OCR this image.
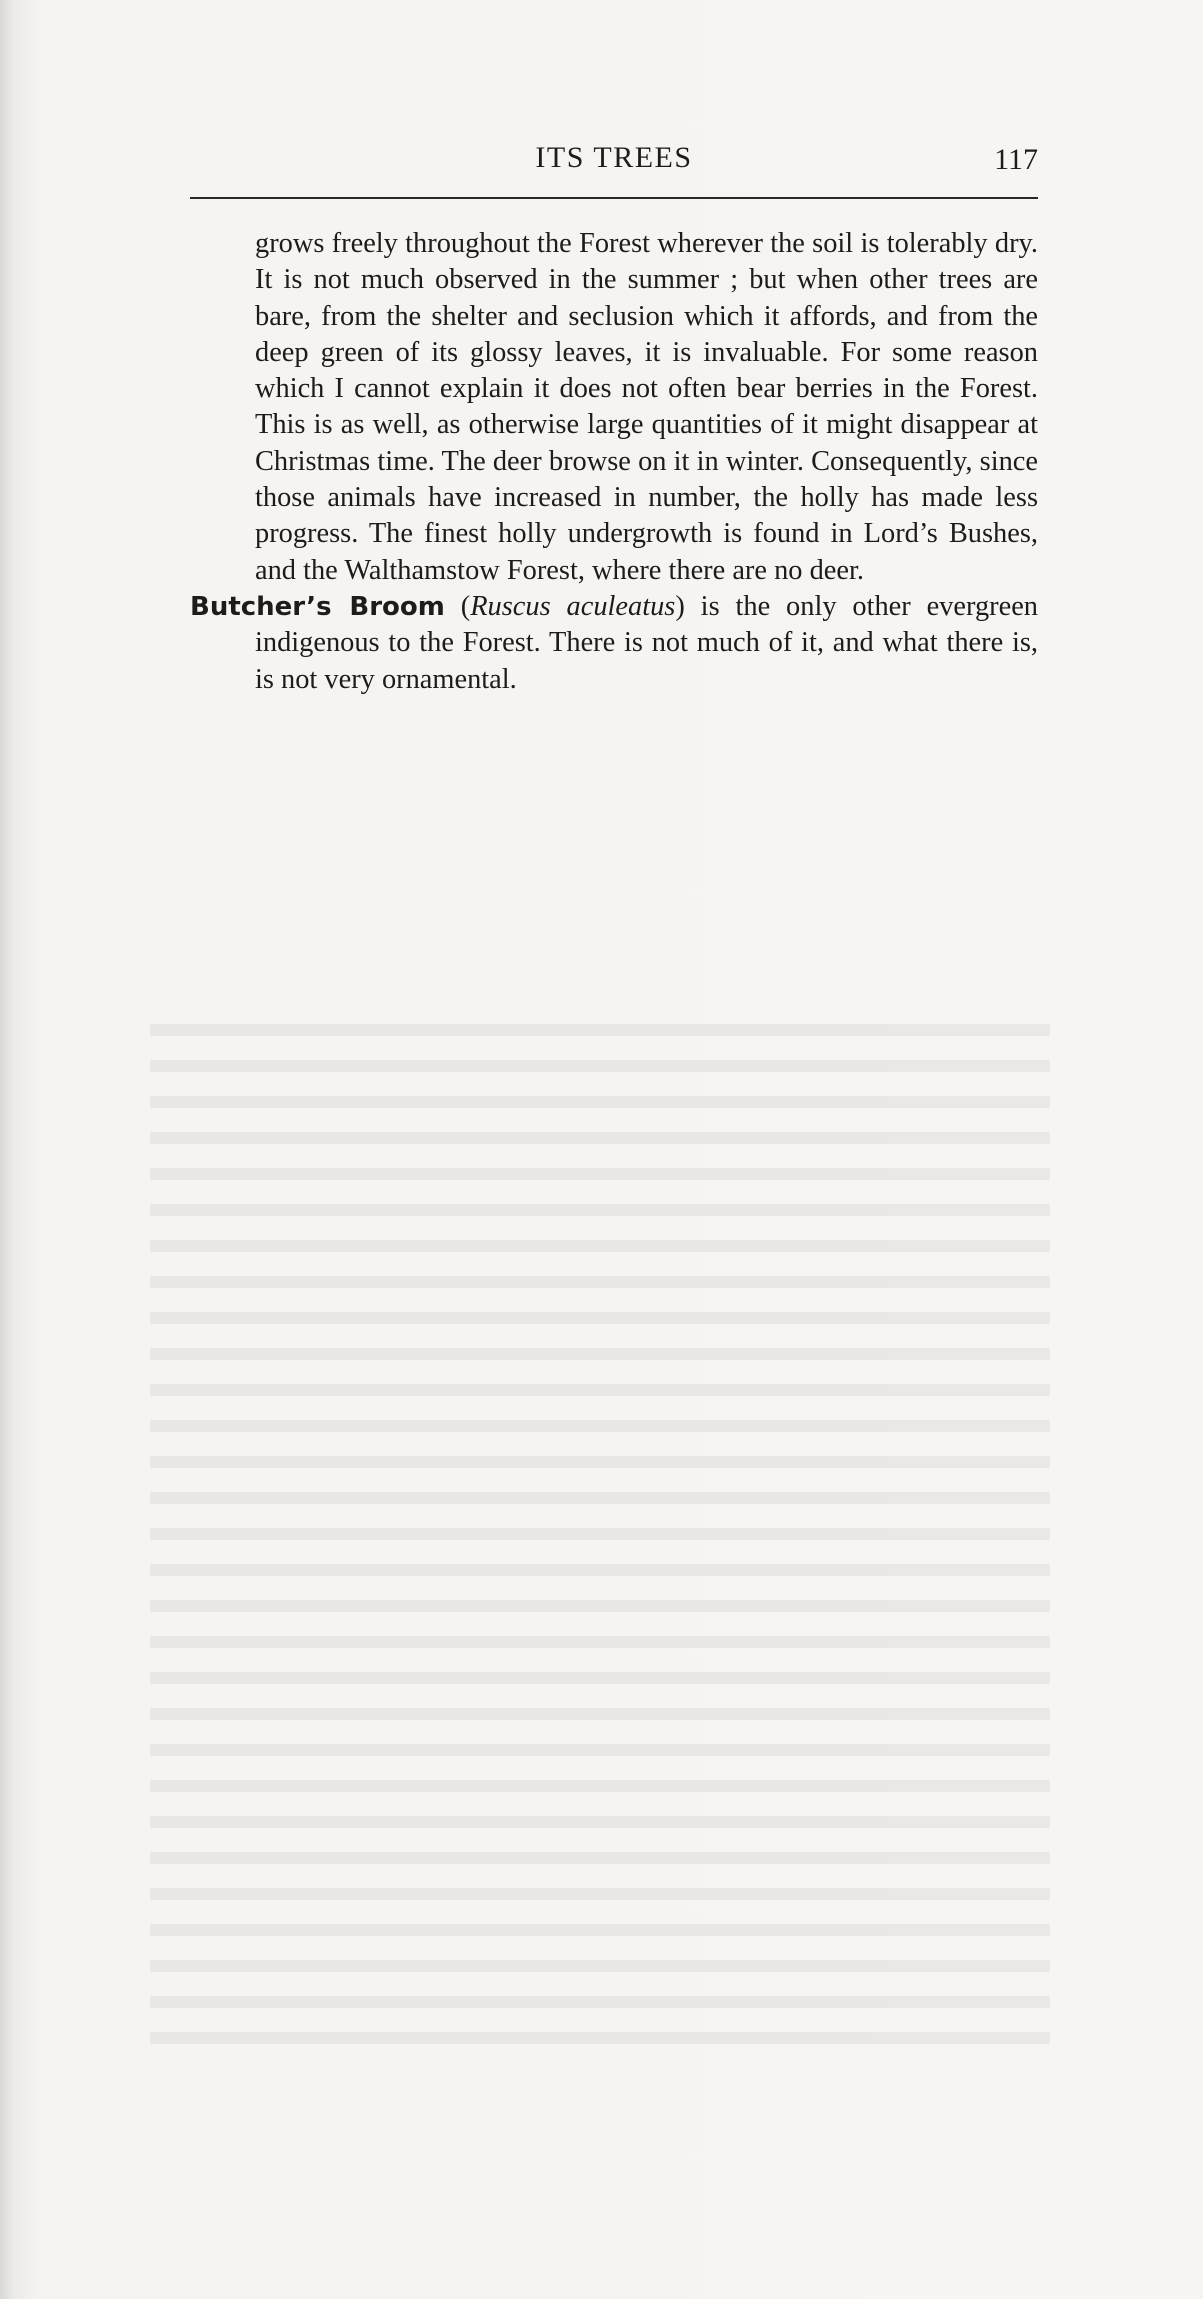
ITS TREES	117

grows freely throughout the Forest wherever the soil is tolerably dry. It is not much observed in the summer ; but when other trees are bare, from the shelter and seclusion which it affords, and from the deep green of its glossy leaves, it is invaluable. For some reason which I cannot explain it does not often bear berries in the Forest. This is as well, as otherwise large quantities of it might disappear at Christmas time. The deer browse on it in winter. Consequently, since those animals have increased in number, the holly has made less progress. The finest holly undergrowth is found in Lord’s Bushes, and the Walthamstow Forest, where there are no deer.

Butcher’s Broom (Ruscus aculeatus) is the only other evergreen indigenous to the Forest. There is not much of it, and what there is, is not very ornamental.
